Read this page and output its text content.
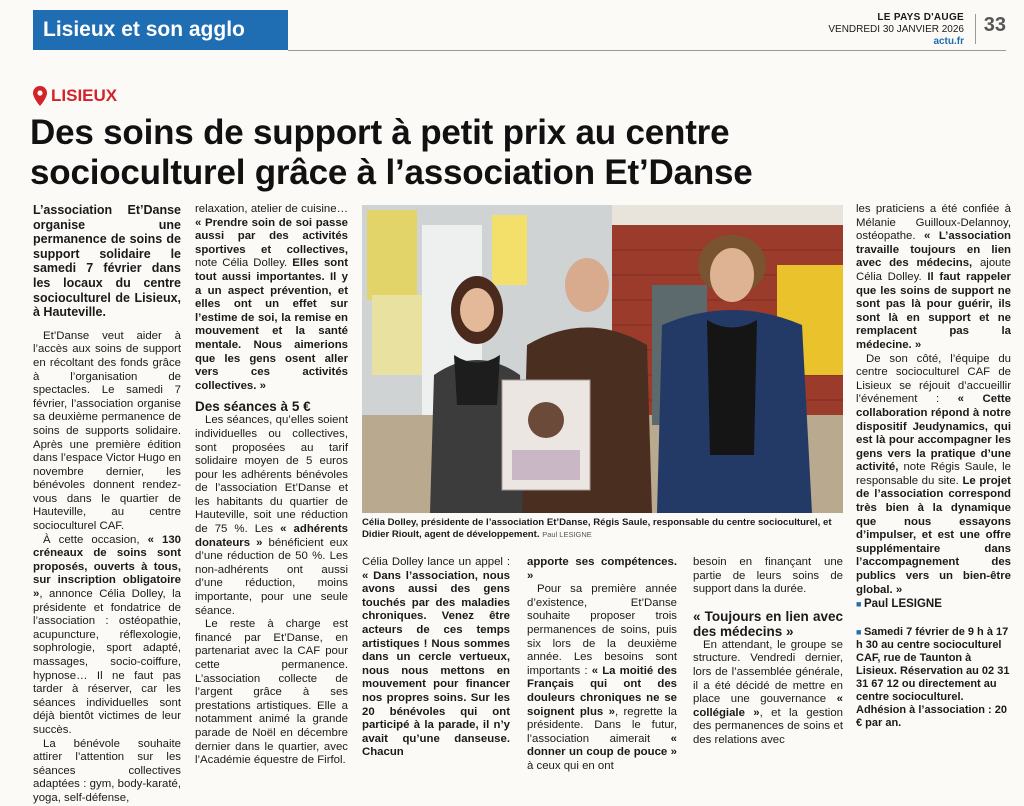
Lisieux et son agglo
LE PAYS D'AUGE
VENDREDI 30 JANVIER 2026
actu.fr
33
LISIEUX
Des soins de support à petit prix au centre socioculturel grâce à l’association Et’Danse

L’association Et’Danse organise une permanence de soins de support solidaire le samedi 7 février dans les locaux du centre socioculturel de Lisieux, à Hauteville.

Et’Danse veut aider à l’accès aux soins de support en récoltant des fonds grâce à l’organisation de spectacles. Le samedi 7 février, l’association organise sa deuxième permanence de soins de supports solidaire. Après une première édition dans l’espace Victor Hugo en novembre dernier, les bénévoles donnent rendez-vous dans le quartier de Hauteville, au centre socioculturel CAF.

À cette occasion, « 130 créneaux de soins sont proposés, ouverts à tous, sur inscription obligatoire », annonce Célia Dolley, la présidente et fondatrice de l’association : ostéopathie, acupuncture, réflexologie, sophrologie, sport adapté, massages, socio-coiffure, hypnose… Il ne faut pas tarder à réserver, car les séances individuelles sont déjà bientôt victimes de leur succès.

La bénévole souhaite attirer l’attention sur les séances collectives adaptées : gym, body-karaté, yoga, self-défense,

relaxation, atelier de cuisine… « Prendre soin de soi passe aussi par des activités sportives et collectives, note Célia Dolley. Elles sont tout aussi importantes. Il y a un aspect prévention, et elles ont un effet sur l’estime de soi, la remise en mouvement et la santé mentale. Nous aimerions que les gens osent aller vers ces activités collectives. »

Des séances à 5 €

Les séances, qu’elles soient individuelles ou collectives, sont proposées au tarif solidaire moyen de 5 euros pour les adhérents bénévoles de l’association Et’Danse et les habitants du quartier de Hauteville, soit une réduction de 75 %. Les « adhérents donateurs » bénéficient eux d’une réduction de 50 %. Les non-adhérents ont aussi d’une réduction, moins importante, pour une seule séance.

Le reste à charge est financé par Et’Danse, en partenariat avec la CAF pour cette permanence. L’association collecte de l’argent grâce à ses prestations artistiques. Elle a notamment animé la grande parade de Noël en décembre dernier dans le quartier, avec l’Académie équestre de Firfol.

Célia Dolley, présidente de l’association Et’Danse, Régis Saule, responsable du centre socioculturel, et Didier Rioult, agent de développement. Paul LESIGNE

Célia Dolley lance un appel : « Dans l’association, nous avons aussi des gens touchés par des maladies chroniques. Venez être acteurs de ces temps artistiques ! Nous sommes dans un cercle vertueux, nous nous mettons en mouvement pour financer nos propres soins. Sur les 20 bénévoles qui ont participé à la parade, il n’y avait qu’une danseuse. Chacun

apporte ses compétences. »

Pour sa première année d’existence, Et’Danse souhaite proposer trois permanences de soins, puis six lors de la deuxième année. Les besoins sont importants : « La moitié des Français qui ont des douleurs chroniques ne se soignent plus », regrette la présidente. Dans le futur, l’association aimerait « donner un coup de pouce » à ceux qui en ont

besoin en finançant une partie de leurs soins de support dans la durée.

« Toujours en lien avec des médecins »

En attendant, le groupe se structure. Vendredi dernier, lors de l’assemblée générale, il a été décidé de mettre en place une gouvernance « collégiale », et la gestion des permanences de soins et des relations avec

les praticiens a été confiée à Mélanie Guilloux-Delannoy, ostéopathe. « L’association travaille toujours en lien avec des médecins, ajoute Célia Dolley. Il faut rappeler que les soins de support ne sont pas là pour guérir, ils sont là en support et ne remplacent pas la médecine. »

De son côté, l’équipe du centre socioculturel CAF de Lisieux se réjouit d’accueillir l’événement : « Cette collaboration répond à notre dispositif Jeudynamics, qui est là pour accompagner les gens vers la pratique d’une activité, note Régis Saule, le responsable du site. Le projet de l’association correspond très bien à la dynamique que nous essayons d’impulser, et est une offre supplémentaire dans l’accompagnement des publics vers un bien-être global. »

■ Paul LESIGNE
■ Samedi 7 février de 9 h à 17 h 30 au centre socioculturel CAF, rue de Taunton à Lisieux. Réservation au 02 31 31 67 12 ou directement au centre socioculturel. Adhésion à l’association : 20 € par an.
